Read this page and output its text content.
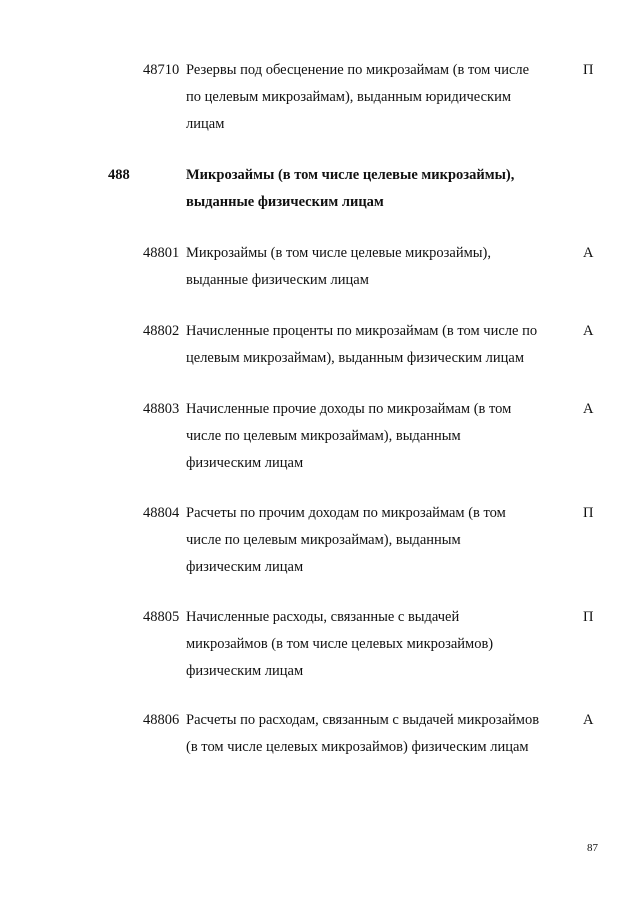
48710 Резервы под обесценение по микрозаймам (в том числе
по целевым микрозаймам), выданным юридическим
лицам
П
488	Микрозаймы (в том числе целевые микрозаймы),
выданные физическим лицам
48801 Микрозаймы (в том числе целевые микрозаймы),
выданные физическим лицам
А
48802 Начисленные проценты по микрозаймам (в том числе по
целевым микрозаймам), выданным физическим лицам
А
48803 Начисленные прочие доходы по микрозаймам (в том
числе по целевым микрозаймам), выданным
физическим лицам
А
48804 Расчеты по прочим доходам по микрозаймам (в том
числе по целевым микрозаймам), выданным
физическим лицам
П
48805 Начисленные расходы, связанные с выдачей
микрозаймов (в том числе целевых микрозаймов)
физическим лицам
П
48806 Расчеты по расходам, связанным с выдачей микрозаймов
(в том числе целевых микрозаймов) физическим лицам
А
87
